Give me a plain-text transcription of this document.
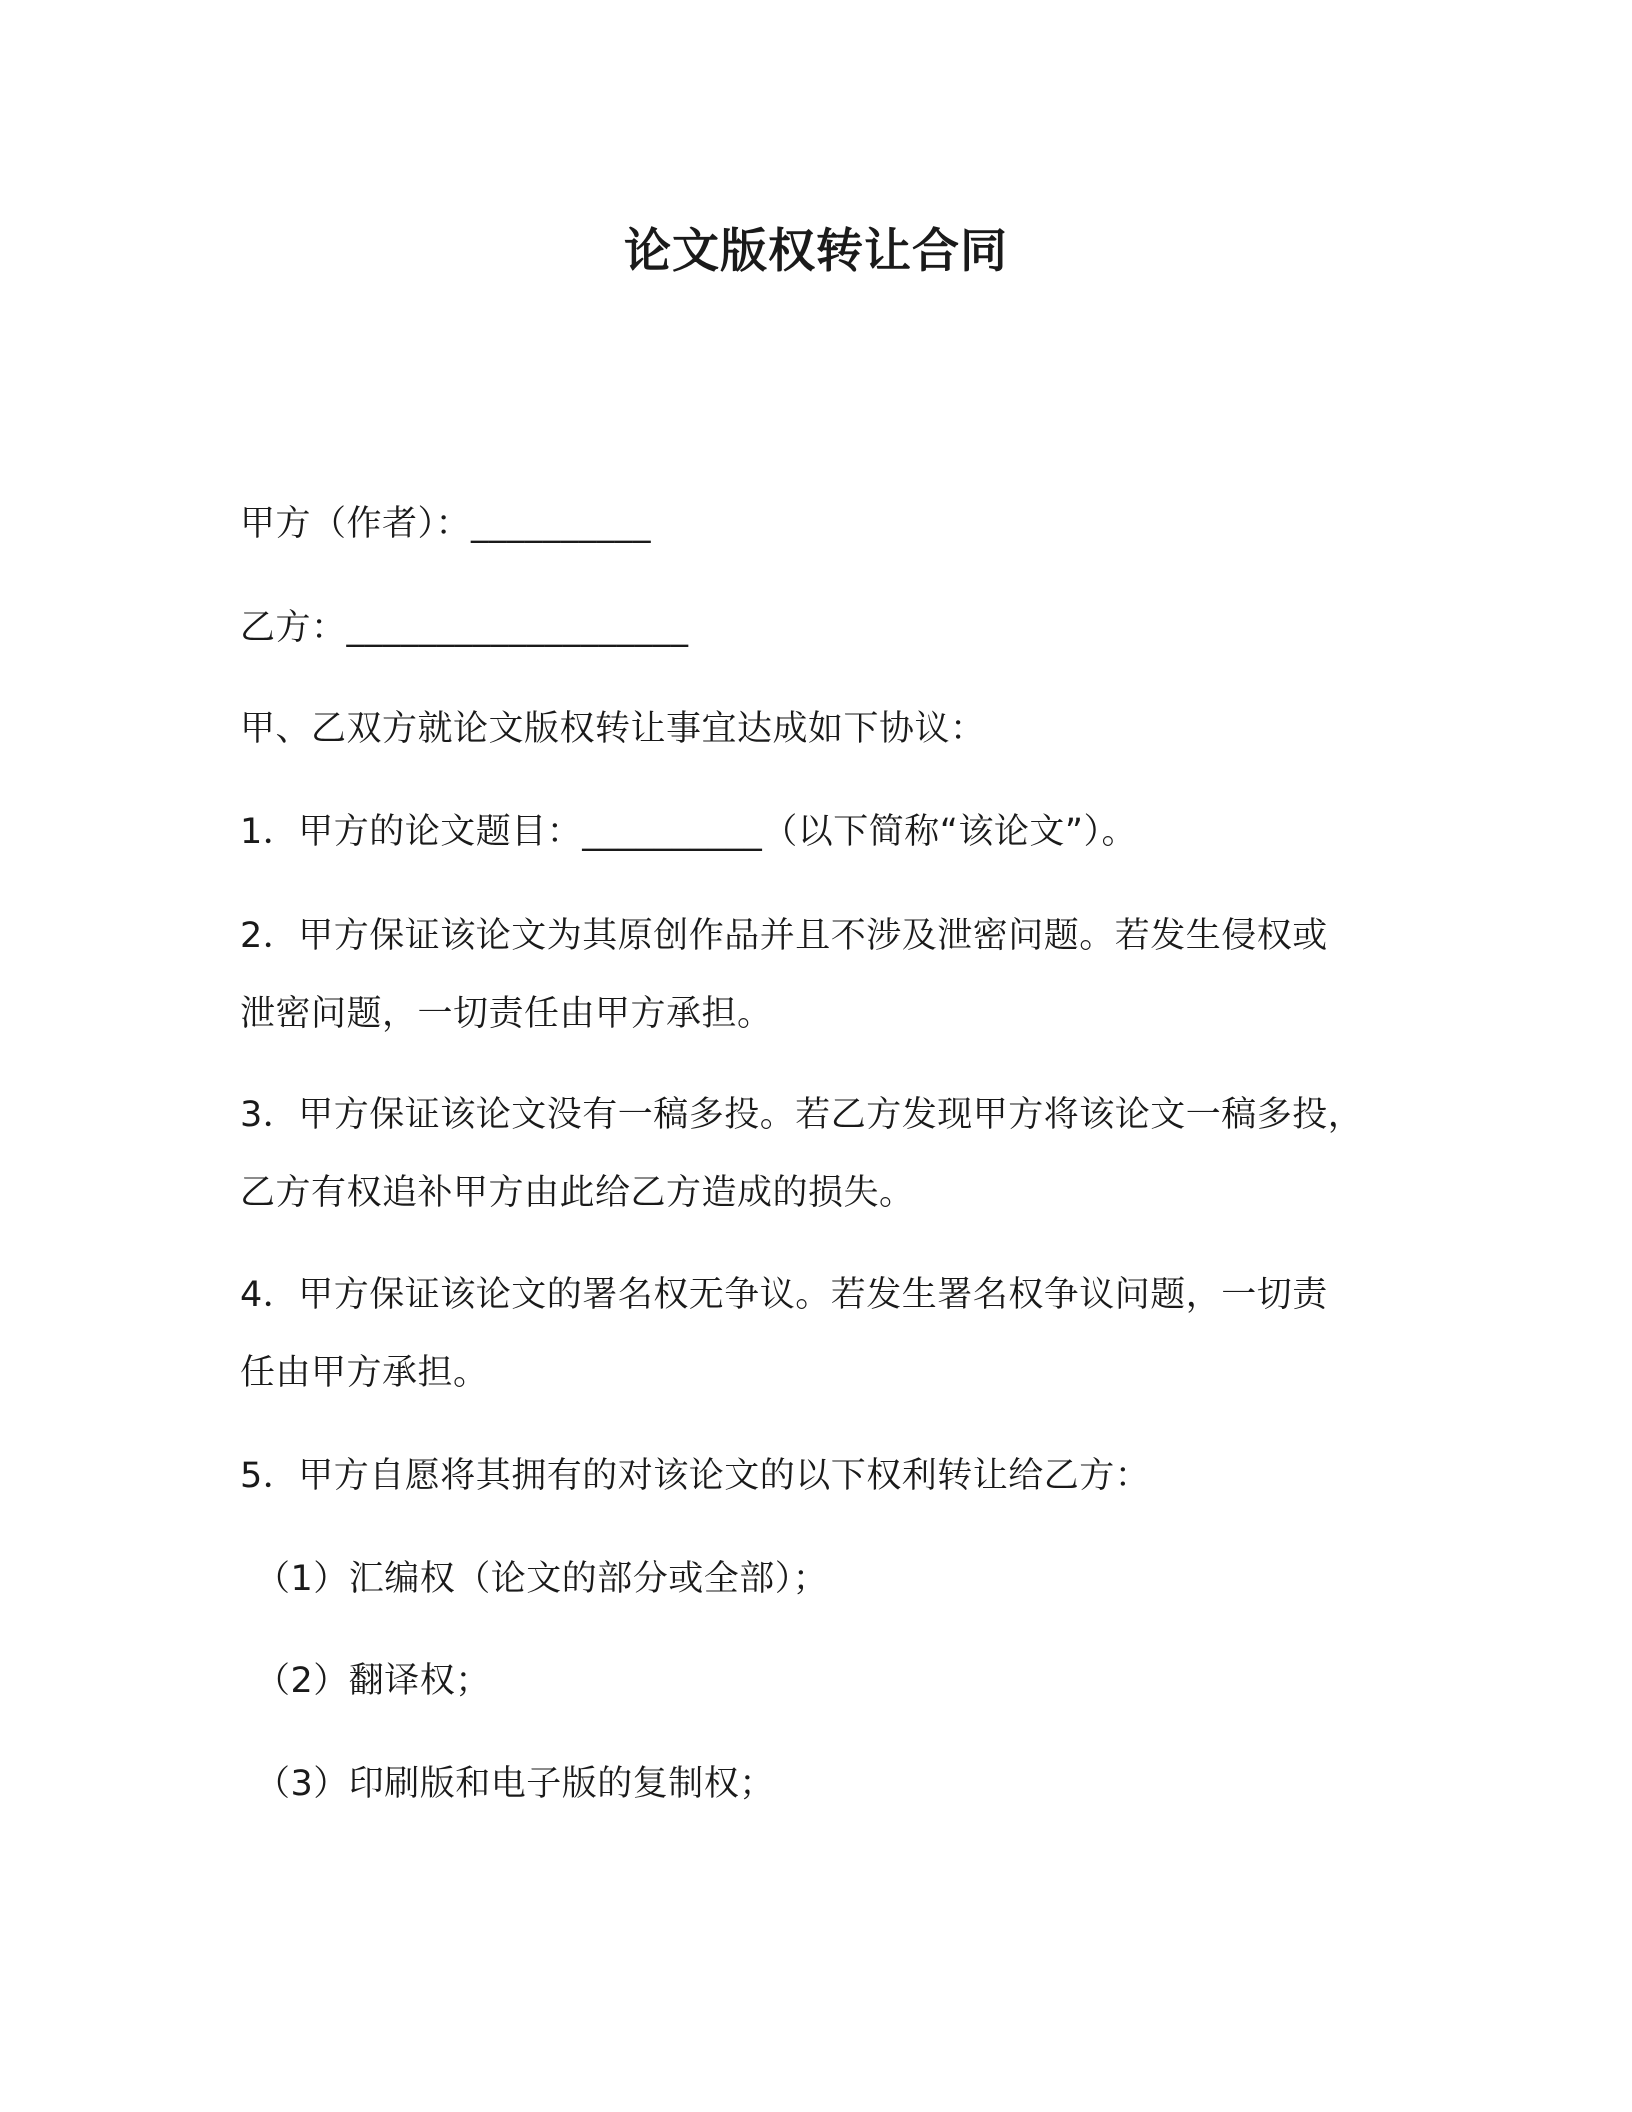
论文版权转让合同
甲方（作者）：__________
乙方：___________________
甲、乙双方就论文版权转让事宜达成如下协议：
1．甲方的论文题目：__________（以下简称“该论文”）。
2．甲方保证该论文为其原创作品并且不涉及泄密问题。若发生侵权或
泄密问题，一切责任由甲方承担。
3．甲方保证该论文没有一稿多投。若乙方发现甲方将该论文一稿多投，
乙方有权追补甲方由此给乙方造成的损失。
4．甲方保证该论文的署名权无争议。若发生署名权争议问题，一切责
任由甲方承担。
5．甲方自愿将其拥有的对该论文的以下权利转让给乙方：
（1）汇编权（论文的部分或全部）；
（2）翻译权；
（3）印刷版和电子版的复制权；
